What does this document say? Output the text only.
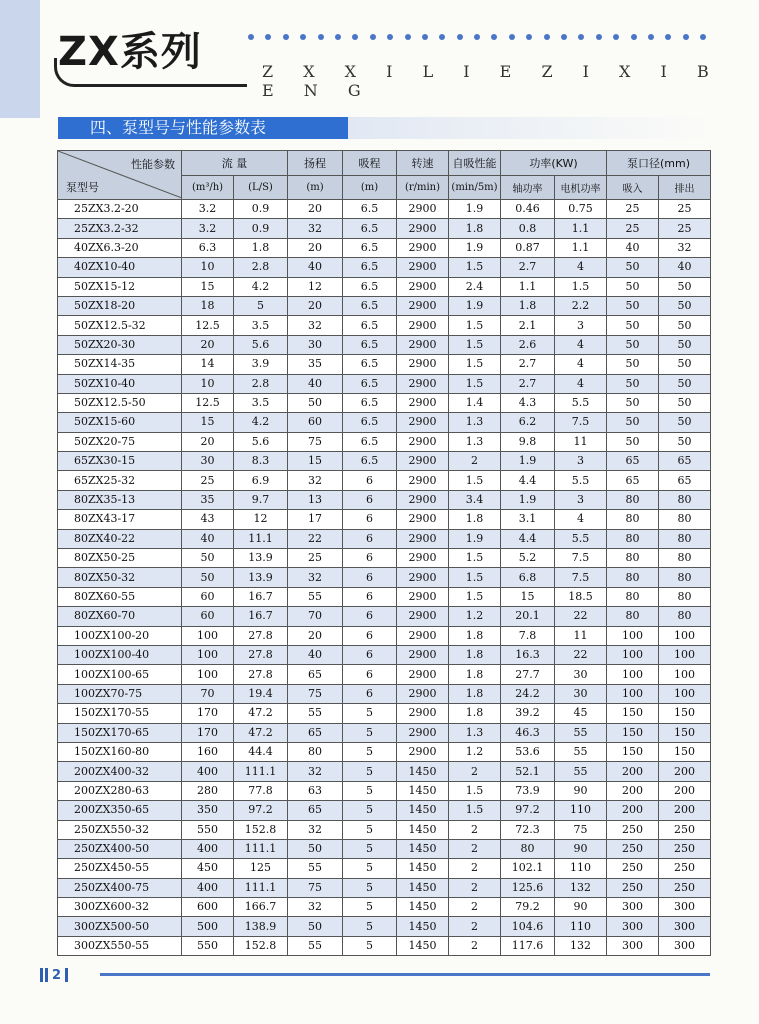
ZX系列	Z X X I L I E Z I X I B E N G
四、泵型号与性能参数表
性能参数
泵型号	流 量		扬程	吸程	转速	自吸性能	功率(KW)		泵口径(mm)	
	(m³/h)	(L/S)	(m)	(m)	(r/min)	(min/5m)	轴功率	电机功率	吸入	排出
25ZX3.2-20	3.2	0.9	20	6.5	2900	1.9	0.46	0.75	25	25
25ZX3.2-32	3.2	0.9	32	6.5	2900	1.8	0.8	1.1	25	25
40ZX6.3-20	6.3	1.8	20	6.5	2900	1.9	0.87	1.1	40	32
40ZX10-40	10	2.8	40	6.5	2900	1.5	2.7	4	50	40
50ZX15-12	15	4.2	12	6.5	2900	2.4	1.1	1.5	50	50
50ZX18-20	18	5	20	6.5	2900	1.9	1.8	2.2	50	50
50ZX12.5-32	12.5	3.5	32	6.5	2900	1.5	2.1	3	50	50
50ZX20-30	20	5.6	30	6.5	2900	1.5	2.6	4	50	50
50ZX14-35	14	3.9	35	6.5	2900	1.5	2.7	4	50	50
50ZX10-40	10	2.8	40	6.5	2900	1.5	2.7	4	50	50
50ZX12.5-50	12.5	3.5	50	6.5	2900	1.4	4.3	5.5	50	50
50ZX15-60	15	4.2	60	6.5	2900	1.3	6.2	7.5	50	50
50ZX20-75	20	5.6	75	6.5	2900	1.3	9.8	11	50	50
65ZX30-15	30	8.3	15	6.5	2900	2	1.9	3	65	65
65ZX25-32	25	6.9	32	6	2900	1.5	4.4	5.5	65	65
80ZX35-13	35	9.7	13	6	2900	3.4	1.9	3	80	80
80ZX43-17	43	12	17	6	2900	1.8	3.1	4	80	80
80ZX40-22	40	11.1	22	6	2900	1.9	4.4	5.5	80	80
80ZX50-25	50	13.9	25	6	2900	1.5	5.2	7.5	80	80
80ZX50-32	50	13.9	32	6	2900	1.5	6.8	7.5	80	80
80ZX60-55	60	16.7	55	6	2900	1.5	15	18.5	80	80
80ZX60-70	60	16.7	70	6	2900	1.2	20.1	22	80	80
100ZX100-20	100	27.8	20	6	2900	1.8	7.8	11	100	100
100ZX100-40	100	27.8	40	6	2900	1.8	16.3	22	100	100
100ZX100-65	100	27.8	65	6	2900	1.8	27.7	30	100	100
100ZX70-75	70	19.4	75	6	2900	1.8	24.2	30	100	100
150ZX170-55	170	47.2	55	5	2900	1.8	39.2	45	150	150
150ZX170-65	170	47.2	65	5	2900	1.3	46.3	55	150	150
150ZX160-80	160	44.4	80	5	2900	1.2	53.6	55	150	150
200ZX400-32	400	111.1	32	5	1450	2	52.1	55	200	200
200ZX280-63	280	77.8	63	5	1450	1.5	73.9	90	200	200
200ZX350-65	350	97.2	65	5	1450	1.5	97.2	110	200	200
250ZX550-32	550	152.8	32	5	1450	2	72.3	75	250	250
250ZX400-50	400	111.1	50	5	1450	2	80	90	250	250
250ZX450-55	450	125	55	5	1450	2	102.1	110	250	250
250ZX400-75	400	111.1	75	5	1450	2	125.6	132	250	250
300ZX600-32	600	166.7	32	5	1450	2	79.2	90	300	300
300ZX500-50	500	138.9	50	5	1450	2	104.6	110	300	300
300ZX550-55	550	152.8	55	5	1450	2	117.6	132	300	300
2
